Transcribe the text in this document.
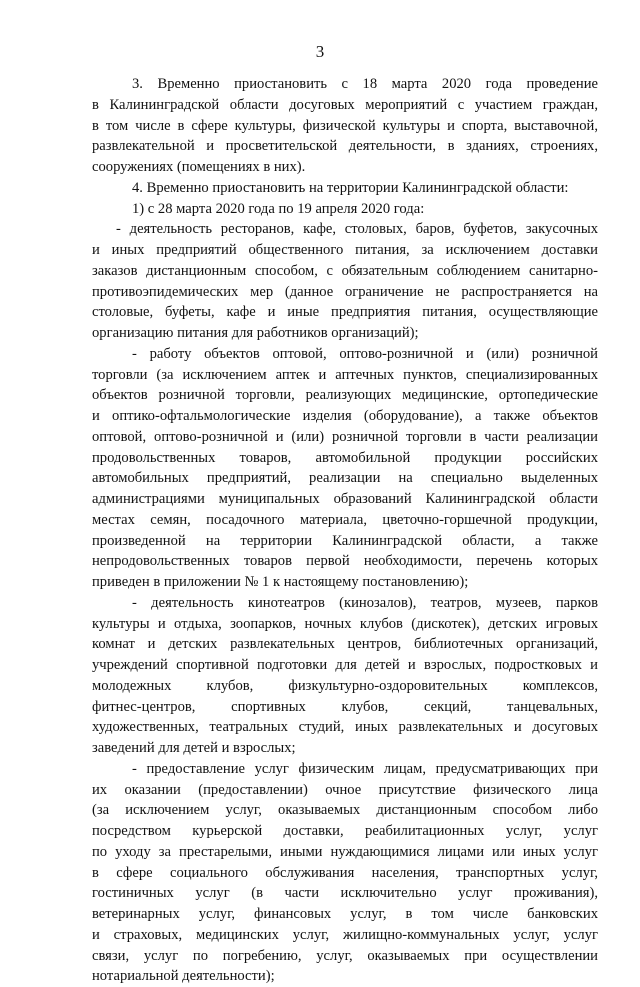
3
3. Временно приостановить с 18 марта 2020 года проведение
в Калининградской области досуговых мероприятий с участием граждан,
в том числе в сфере культуры, физической культуры и спорта, выставочной,
развлекательной и просветительской деятельности, в зданиях, строениях,
сооружениях (помещениях в них).
4. Временно приостановить на территории Калининградской области:
1) с 28 марта 2020 года по 19 апреля 2020 года:
- деятельность ресторанов, кафе, столовых, баров, буфетов, закусочных
и иных предприятий общественного питания, за исключением доставки
заказов дистанционным способом, с обязательным соблюдением санитарно-
противоэпидемических мер (данное ограничение не распространяется на
столовые, буфеты, кафе и иные предприятия питания, осуществляющие
организацию питания для работников организаций);
- работу объектов оптовой, оптово-розничной и (или) розничной
торговли (за исключением аптек и аптечных пунктов, специализированных
объектов розничной торговли, реализующих медицинские, ортопедические
и оптико-офтальмологические изделия (оборудование), а также объектов
оптовой, оптово-розничной и (или) розничной торговли в части реализации
продовольственных товаров, автомобильной продукции российских
автомобильных предприятий, реализации на специально выделенных
администрациями муниципальных образований Калининградской области
местах семян, посадочного материала, цветочно-горшечной продукции,
произведенной на территории Калининградской области, а также
непродовольственных товаров первой необходимости, перечень которых
приведен в приложении № 1 к настоящему постановлению);
- деятельность кинотеатров (кинозалов), театров, музеев, парков
культуры и отдыха, зоопарков, ночных клубов (дискотек), детских игровых
комнат и детских развлекательных центров, библиотечных организаций,
учреждений спортивной подготовки для детей и взрослых, подростковых и
молодежных клубов, физкультурно-оздоровительных комплексов,
фитнес-центров, спортивных клубов, секций, танцевальных,
художественных, театральных студий, иных развлекательных и досуговых
заведений для детей и взрослых;
- предоставление услуг физическим лицам, предусматривающих при
их оказании (предоставлении) очное присутствие физического лица
(за исключением услуг, оказываемых дистанционным способом либо
посредством курьерской доставки, реабилитационных услуг, услуг
по уходу за престарелыми, иными нуждающимися лицами или иных услуг
в сфере социального обслуживания населения, транспортных услуг,
гостиничных услуг (в части исключительно услуг проживания),
ветеринарных услуг, финансовых услуг, в том числе банковских
и страховых, медицинских услуг, жилищно-коммунальных услуг, услуг
связи, услуг по погребению, услуг, оказываемых при осуществлении
нотариальной деятельности);
